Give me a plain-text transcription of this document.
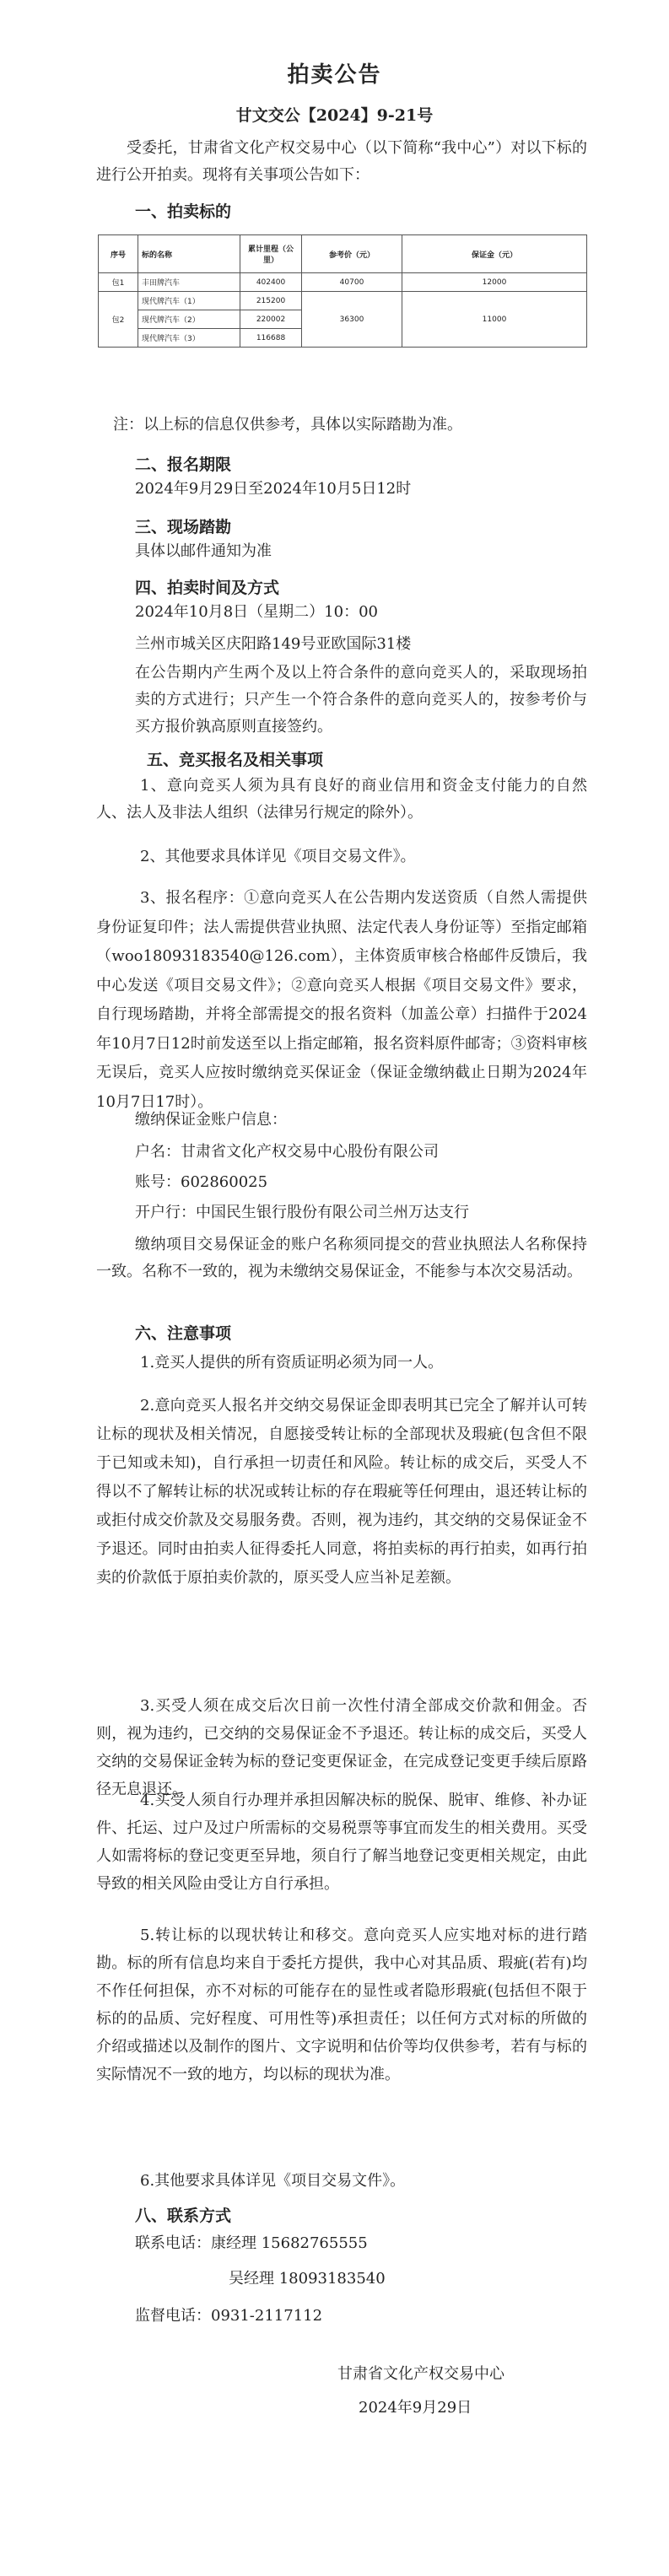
拍卖公告
甘文交公【2024】9-21号
受委托，甘肃省文化产权交易中心（以下简称“我中心”）对以下标的进行公开拍卖。现将有关事项公告如下：
一、拍卖标的
序号	标的名称	累计里程（公里）	参考价（元）	保证金（元）
包1	丰田牌汽车	402400	40700	12000
包2	现代牌汽车（1）	215200	36300	11000
	现代牌汽车（2）	220002		
	现代牌汽车（3）	116688		
注：以上标的信息仅供参考，具体以实际踏勘为准。
二、报名期限
2024年9月29日至2024年10月5日12时
三、现场踏勘
具体以邮件通知为准
四、拍卖时间及方式
2024年10月8日（星期二）10：00
兰州市城关区庆阳路149号亚欧国际31楼
在公告期内产生两个及以上符合条件的意向竞买人的，采取现场拍卖的方式进行；只产生一个符合条件的意向竞买人的，按参考价与买方报价孰高原则直接签约。
五、竞买报名及相关事项
1、意向竞买人须为具有良好的商业信用和资金支付能力的自然人、法人及非法人组织（法律另行规定的除外）。
2、其他要求具体详见《项目交易文件》。
3、报名程序：①意向竞买人在公告期内发送资质（自然人需提供身份证复印件；法人需提供营业执照、法定代表人身份证等）至指定邮箱（woo18093183540@126.com），主体资质审核合格邮件反馈后，我中心发送《项目交易文件》；②意向竞买人根据《项目交易文件》要求，自行现场踏勘，并将全部需提交的报名资料（加盖公章）扫描件于2024年10月7日12时前发送至以上指定邮箱，报名资料原件邮寄；③资料审核无误后，竞买人应按时缴纳竞买保证金（保证金缴纳截止日期为2024年10月7日17时）。
缴纳保证金账户信息：
户名：甘肃省文化产权交易中心股份有限公司
账号：602860025
开户行：中国民生银行股份有限公司兰州万达支行
缴纳项目交易保证金的账户名称须同提交的营业执照法人名称保持一致。名称不一致的，视为未缴纳交易保证金，不能参与本次交易活动。
六、注意事项
1.竞买人提供的所有资质证明必须为同一人。
2.意向竞买人报名并交纳交易保证金即表明其已完全了解并认可转让标的现状及相关情况，自愿接受转让标的全部现状及瑕疵(包含但不限于已知或未知)，自行承担一切责任和风险。转让标的成交后，买受人不得以不了解转让标的状况或转让标的存在瑕疵等任何理由，退还转让标的或拒付成交价款及交易服务费。否则，视为违约，其交纳的交易保证金不予退还。同时由拍卖人征得委托人同意，将拍卖标的再行拍卖，如再行拍卖的价款低于原拍卖价款的，原买受人应当补足差额。
3.买受人须在成交后次日前一次性付清全部成交价款和佣金。否则，视为违约，已交纳的交易保证金不予退还。转让标的成交后，买受人交纳的交易保证金转为标的登记变更保证金，在完成登记变更手续后原路径无息退还。
4.买受人须自行办理并承担因解决标的脱保、脱审、维修、补办证件、托运、过户及过户所需标的交易税票等事宜而发生的相关费用。买受人如需将标的登记变更至异地，须自行了解当地登记变更相关规定，由此导致的相关风险由受让方自行承担。
5.转让标的以现状转让和移交。意向竞买人应实地对标的进行踏勘。标的所有信息均来自于委托方提供，我中心对其品质、瑕疵(若有)均不作任何担保，亦不对标的可能存在的显性或者隐形瑕疵(包括但不限于标的的品质、完好程度、可用性等)承担责任；以任何方式对标的所做的介绍或描述以及制作的图片、文字说明和估价等均仅供参考，若有与标的实际情况不一致的地方，均以标的现状为准。
6.其他要求具体详见《项目交易文件》。
八、联系方式
联系电话：康经理 15682765555
吴经理 18093183540
监督电话：0931-2117112
甘肃省文化产权交易中心
2024年9月29日
